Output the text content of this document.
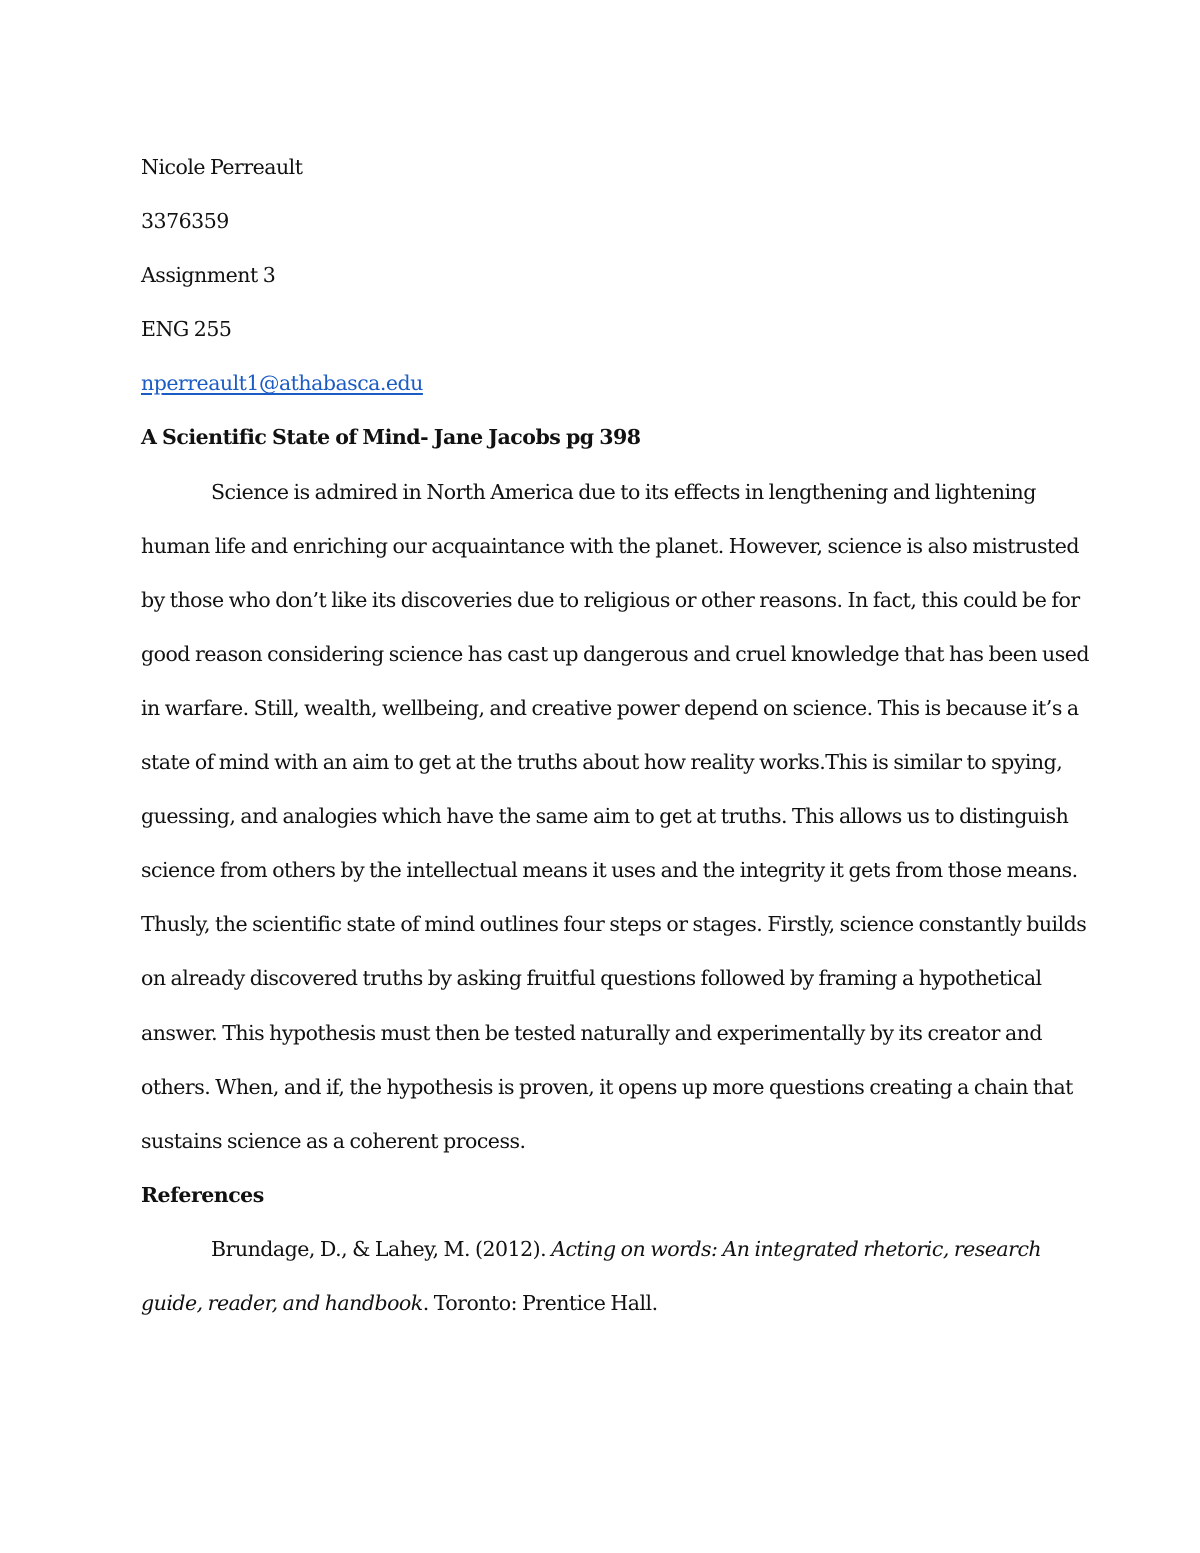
Nicole Perreault
3376359
Assignment 3
ENG 255
nperreault1@athabasca.edu
A Scientific State of Mind- Jane Jacobs pg 398
Science is admired in North America due to its effects in lengthening and lightening
human life and enriching our acquaintance with the planet. However, science is also mistrusted
by those who don’t like its discoveries due to religious or other reasons. In fact, this could be for
good reason considering science has cast up dangerous and cruel knowledge that has been used
in warfare. Still, wealth, wellbeing, and creative power depend on science. This is because it’s a
state of mind with an aim to get at the truths about how reality works.This is similar to spying,
guessing, and analogies which have the same aim to get at truths. This allows us to distinguish
science from others by the intellectual means it uses and the integrity it gets from those means.
Thusly, the scientific state of mind outlines four steps or stages. Firstly, science constantly builds
on already discovered truths by asking fruitful questions followed by framing a hypothetical
answer. This hypothesis must then be tested naturally and experimentally by its creator and
others. When, and if, the hypothesis is proven, it opens up more questions creating a chain that
sustains science as a coherent process.
References
Brundage, D., & Lahey, M. (2012). Acting on words: An integrated rhetoric, research
guide, reader, and handbook. Toronto: Prentice Hall.
